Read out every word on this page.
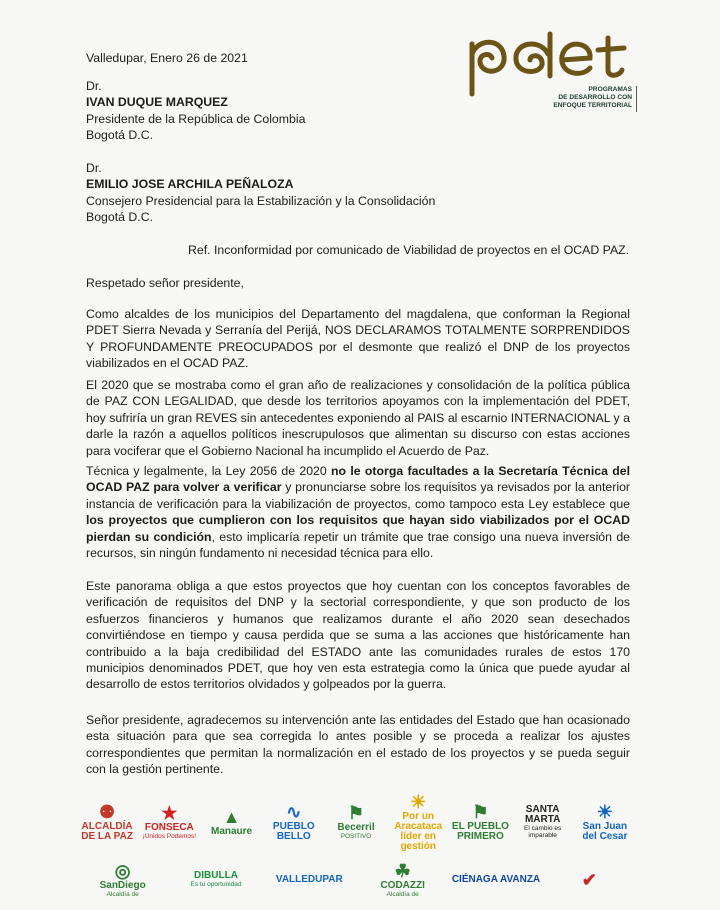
PROGRAMAS
DE DESARROLLO CON
ENFOQUE TERRITORIAL

Valledupar, Enero 26 de 2021

Dr.
IVAN DUQUE MARQUEZ
Presidente de la República de Colombia
Bogotá D.C.
Dr.
EMILIO JOSE ARCHILA PEÑALOZA
Consejero Presidencial para la Estabilización y la Consolidación
Bogotá D.C.

Ref. Inconformidad por comunicado de Viabilidad de proyectos en el OCAD PAZ.

Respetado señor presidente,

Como alcaldes de los municipios del Departamento del magdalena, que conforman la Regional PDET Sierra Nevada y Serranía del Perijá, NOS DECLARAMOS TOTALMENTE SORPRENDIDOS Y PROFUNDAMENTE PREOCUPADOS por el desmonte que realizó el DNP de los proyectos viabilizados en el OCAD PAZ.

El 2020 que se mostraba como el gran año de realizaciones y consolidación de la política pública de PAZ CON LEGALIDAD, que desde los territorios apoyamos con la implementación del PDET, hoy sufriría un gran REVES sin antecedentes exponiendo al PAIS al escarnio INTERNACIONAL y a darle la razón a aquellos políticos inescrupulosos que alimentan su discurso con estas acciones para vociferar que el Gobierno Nacional ha incumplido el Acuerdo de Paz.

Técnica y legalmente, la Ley 2056 de 2020 no le otorga facultades a la Secretaría Técnica del OCAD PAZ para volver a verificar y pronunciarse sobre los requisitos ya revisados por la anterior instancia de verificación para la viabilización de proyectos, como tampoco esta Ley establece que los proyectos que cumplieron con los requisitos que hayan sido viabilizados por el OCAD pierdan su condición, esto implicaría repetir un trámite que trae consigo una nueva inversión de recursos, sin ningún fundamento ni necesidad técnica para ello.

Este panorama obliga a que estos proyectos que hoy cuentan con los conceptos favorables de verificación de requisitos del DNP y la sectorial correspondiente, y que son producto de los esfuerzos financieros y humanos que realizamos durante el año 2020 sean desechados convirtiéndose en tiempo y causa perdida que se suma a las acciones que históricamente han contribuido a la baja credibilidad del ESTADO ante las comunidades rurales de estos 170 municipios denominados PDET, que hoy ven esta estrategia como la única que puede ayudar al desarrollo de estos territorios olvidados y golpeados por la guerra.

Señor presidente, agradecemos su intervención ante las entidades del Estado que han ocasionado esta situación para que sea corregida lo antes posible y se proceda a realizar los ajustes correspondientes que permitan la normalización en el estado de los proyectos y se pueda seguir con la gestión pertinente.

⚉
ALCALDÍA DE LA PAZ
★
FONSECA
¡Unidos Podemos!
▲
Manaure
∿
PUEBLO BELLO
⚑
Becerril
POSITIVO
☀
Por un Aracataca líder en gestión
⚑
EL PUEBLO PRIMERO
SANTA MARTA
El cambio es imparable
☀
San Juan del Cesar
◎
SanDiego
Alcaldía de
DIBULLA
Es tu oportunidad	VALLEDUPAR	☘
CODAZZI
Alcaldía de
CIÉNAGA AVANZA ✔
